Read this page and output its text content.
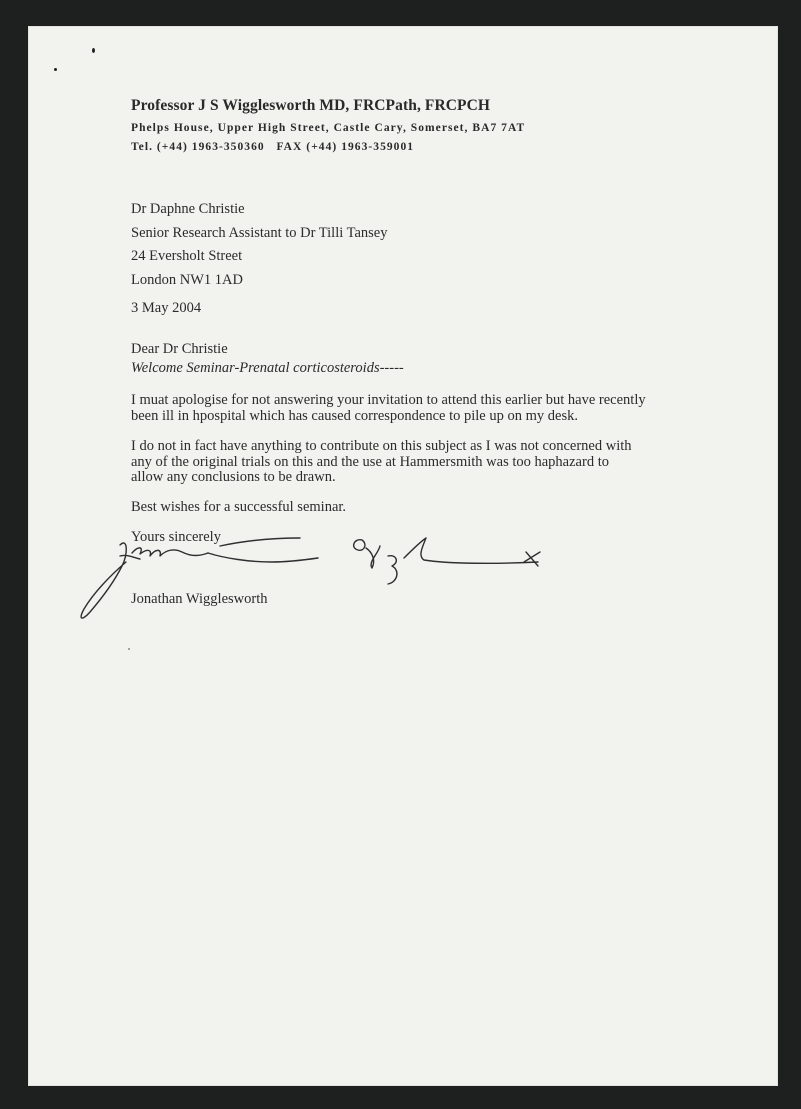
Professor J S Wigglesworth MD, FRCPath, FRCPCH
Phelps House, Upper High Street, Castle Cary, Somerset, BA7 7AT
Tel. (+44) 1963-350360   FAX (+44) 1963-359001
Dr Daphne Christie
Senior Research Assistant to Dr Tilli Tansey
24 Eversholt Street
London NW1 1AD
3 May 2004
Dear Dr Christie
Welcome Seminar-Prenatal corticosteroids-----
I muat apologise for not answering your invitation to attend this earlier but have recently
been ill in hpospital which has caused correspondence to pile up on my desk.
I do not in fact have anything to contribute on this subject as I was not concerned with
any of the original trials on this and the use at Hammersmith was too haphazard to
allow any conclusions to be drawn.
Best wishes for a successful seminar.
Yours sincerely
Jonathan Wigglesworth
